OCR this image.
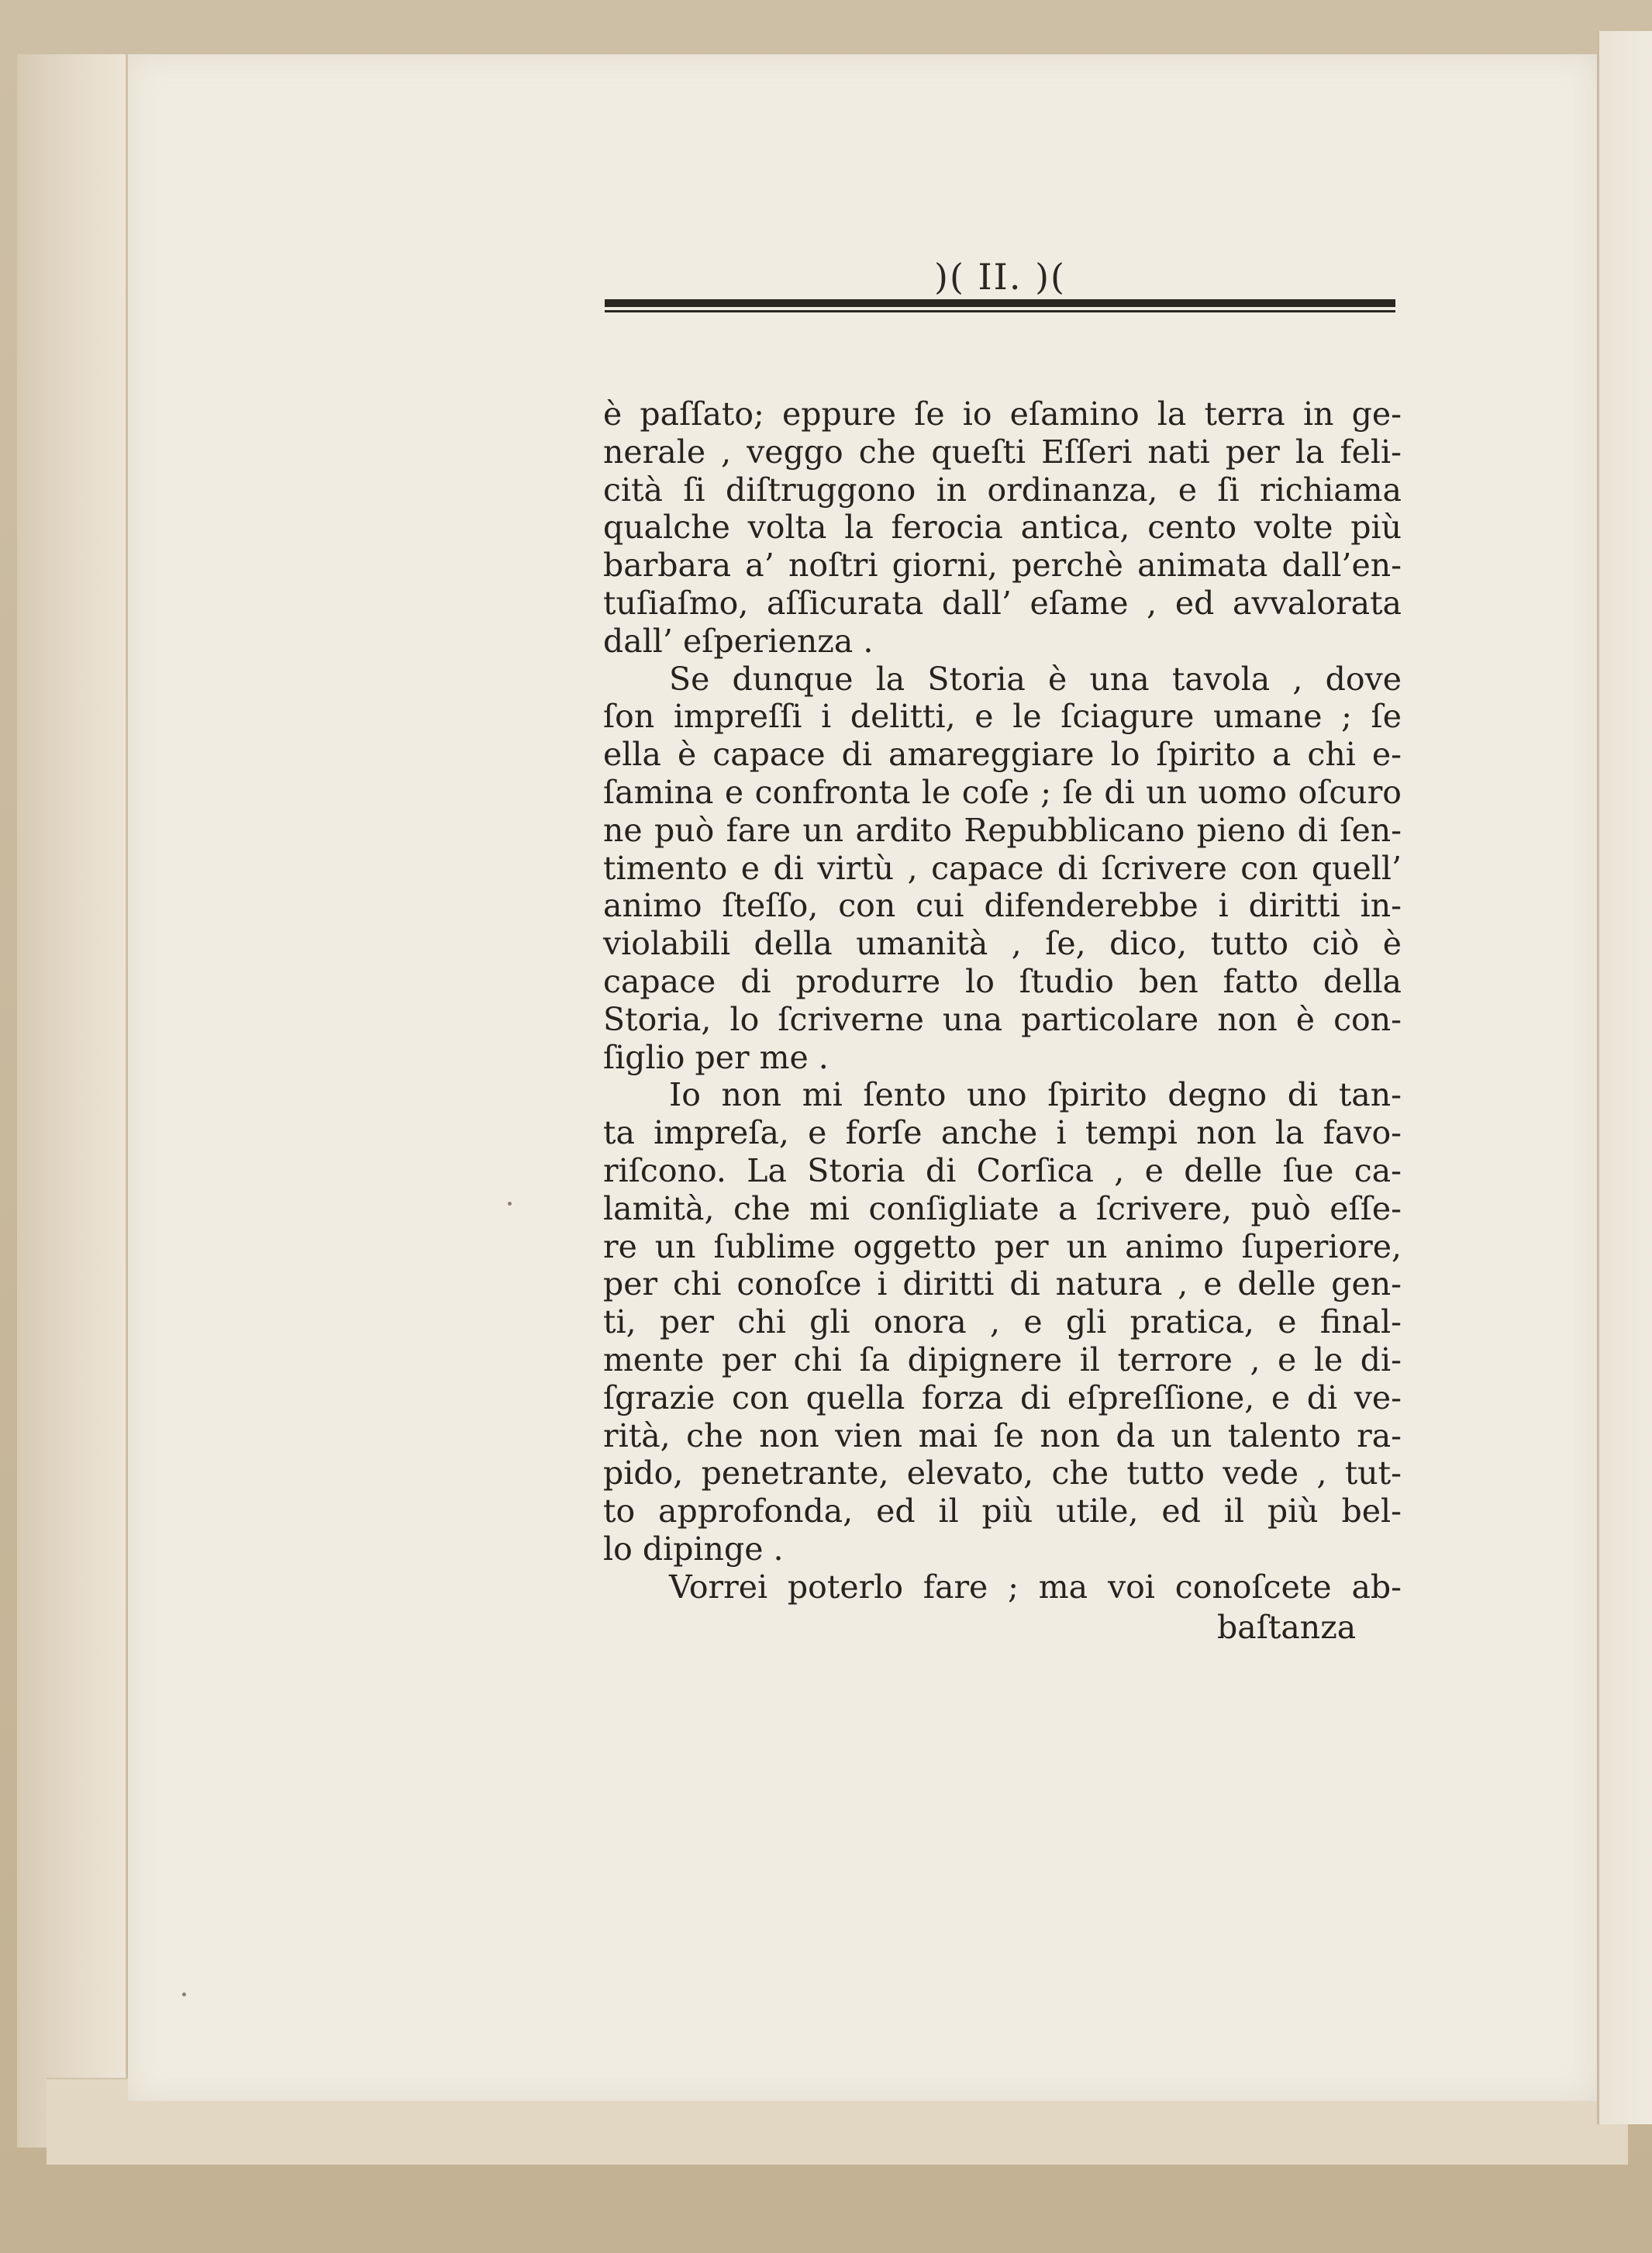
)( II. )(
è paſſato; eppure ſe io eſamino la terra in ge-
nerale , veggo che queſti Eſſeri nati per la feli-
cità ſi diſtruggono in ordinanza, e ſi richiama
qualche volta la ferocia antica, cento volte più
barbara a’ noſtri giorni, perchè animata dall’en-
tuſiaſmo, aſſicurata dall’ eſame , ed avvalorata
dall’ eſperienza .
Se dunque la Storia è una tavola , dove
ſon impreſſi i delitti, e le ſciagure umane ; ſe
ella è capace di amareggiare lo ſpirito a chi e-
ſamina e confronta le coſe ; ſe di un uomo oſcuro
ne può fare un ardito Repubblicano pieno di ſen-
timento e di virtù , capace di ſcrivere con quell’
animo ſteſſo, con cui difenderebbe i diritti in-
violabili della umanità , ſe, dico, tutto ciò è
capace di produrre lo ſtudio ben fatto della
Storia, lo ſcriverne una particolare non è con-
ſiglio per me .
Io non mi ſento uno ſpirito degno di tan-
ta impreſa, e forſe anche i tempi non la favo-
riſcono. La Storia di Corſica , e delle ſue ca-
lamità, che mi conſigliate a ſcrivere, può eſſe-
re un ſublime oggetto per un animo ſuperiore,
per chi conoſce i diritti di natura , e delle gen-
ti, per chi gli onora , e gli pratica, e final-
mente per chi ſa dipignere il terrore , e le di-
ſgrazie con quella forza di eſpreſſione, e di ve-
rità, che non vien mai ſe non da un talento ra-
pido, penetrante, elevato, che tutto vede , tut-
to approfonda, ed il più utile, ed il più bel-
lo dipinge .
Vorrei poterlo fare ; ma voi conoſcete ab-
baſtanza
